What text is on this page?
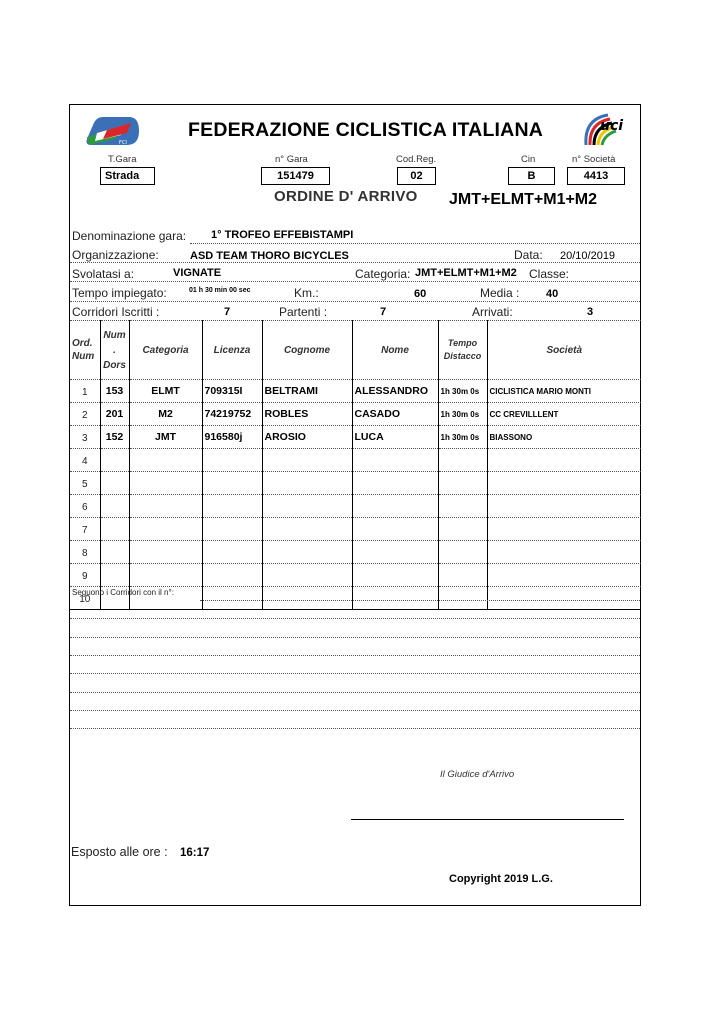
FCI
FEDERAZIONE CICLISTICA ITALIANA	uci
T.Gara	n° Gara	Cod.Reg.	Cin	n° Società
Strada	151479	02	B	4413
ORDINE D' ARRIVO JMT+ELMT+M1+M2
Denominazione gara: 1° TROFEO EFFEBISTAMPI
Organizzazione:	ASD TEAM THORO BICYCLES	Data: 20/10/2019
Svolatasi a:	VIGNATE	Categoria: JMT+ELMT+M1+M2 Classe:
Tempo impiegato:	01 h 30 min 00 sec	Km.:	60	Media : 40
Corridori Iscritti :	7	Partenti :	7	Arrivati:	3
Ord. Num	Num . Dors	Categoria	Licenza	Cognome	Nome	Tempo Distacco	Società
1	153	ELMT	709315I	BELTRAMI	ALESSANDRO	1h 30m 0s	CICLISTICA MARIO MONTI
2	201	M2	74219752	ROBLES	CASADO	1h 30m 0s	CC CREVILLLENT
3	152	JMT	916580j	AROSIO	LUCA	1h 30m 0s	BIASSONO
4							
5							
6							
7							
8							
9							
10							
Seguono i Corridori con il n°:
Il Giudice d'Arrivo
Esposto alle ore : 16:17
Copyright 2019 L.G.
